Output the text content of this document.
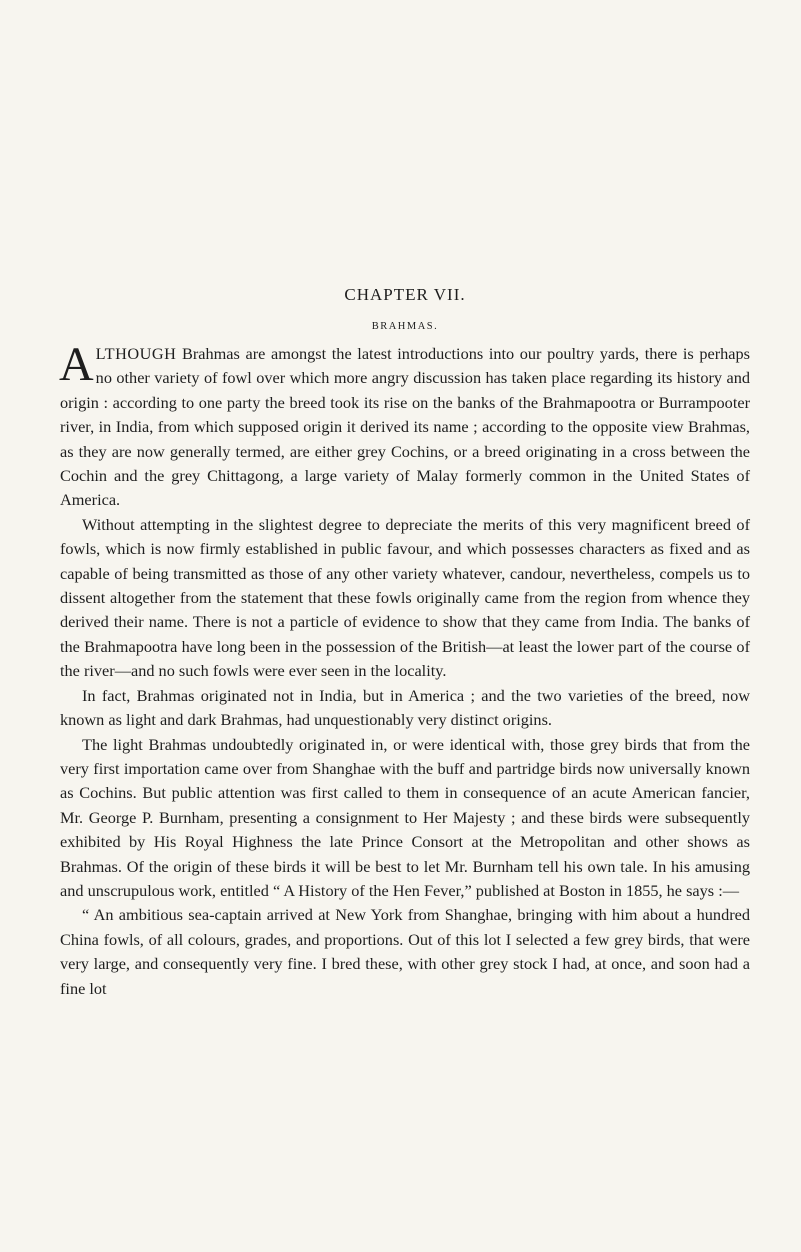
CHAPTER VII.
BRAHMAS.

ALTHOUGH Brahmas are amongst the latest introductions into our poultry yards, there is perhaps no other variety of fowl over which more angry discussion has taken place regarding its history and origin : according to one party the breed took its rise on the banks of the Brahmapootra or Burrampooter river, in India, from which supposed origin it derived its name ; according to the opposite view Brahmas, as they are now generally termed, are either grey Cochins, or a breed originating in a cross between the Cochin and the grey Chittagong, a large variety of Malay formerly common in the United States of America.

Without attempting in the slightest degree to depreciate the merits of this very magnificent breed of fowls, which is now firmly established in public favour, and which possesses characters as fixed and as capable of being transmitted as those of any other variety whatever, candour, nevertheless, compels us to dissent altogether from the statement that these fowls originally came from the region from whence they derived their name. There is not a particle of evidence to show that they came from India. The banks of the Brahmapootra have long been in the possession of the British—at least the lower part of the course of the river—and no such fowls were ever seen in the locality.

In fact, Brahmas originated not in India, but in America ; and the two varieties of the breed, now known as light and dark Brahmas, had unquestionably very distinct origins.

The light Brahmas undoubtedly originated in, or were identical with, those grey birds that from the very first importation came over from Shanghae with the buff and partridge birds now universally known as Cochins. But public attention was first called to them in consequence of an acute American fancier, Mr. George P. Burnham, presenting a consignment to Her Majesty ; and these birds were subsequently exhibited by His Royal Highness the late Prince Consort at the Metropolitan and other shows as Brahmas. Of the origin of these birds it will be best to let Mr. Burnham tell his own tale. In his amusing and unscrupulous work, entitled “ A History of the Hen Fever,” published at Boston in 1855, he says :—

“ An ambitious sea-captain arrived at New York from Shanghae, bringing with him about a hundred China fowls, of all colours, grades, and proportions. Out of this lot I selected a few grey birds, that were very large, and consequently very fine. I bred these, with other grey stock I had, at once, and soon had a fine lot
